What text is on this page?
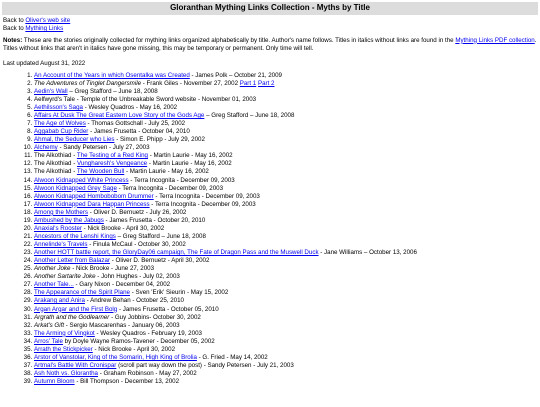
Gloranthan Mything Links Collection - Myths by Title
Back to Oliver's web site
Back to Mything Links
Notes: These are the stories originally collected for mything links organized alphabetically by title. Author's name follows. Titles in italics without links are found in the Mything Links PDF collection. Titles without links that aren't in italics have gone missing, this may be temporary or permanent. Only time will tell.
Last updated August 31, 2022
1. An Account of the Years in which Osentalka was Created - James Polk – October 21, 2009
2. The Adventures of Tinglet Dangersmile - Frank Giles - November 27, 2002 Part 1 Part 2
3. Aedin's Wall – Greg Stafford – June 18, 2008
4. Aelfwyrd's Tale - Temple of the Unbreakable Sword website - November 01, 2003
5. Aethilsson's Saga - Wesley Quadros - May 16, 2002
6. Affairs At Dusk The Great Eastern Love Story of the Gods Age – Greg Stafford – June 18, 2008
7. The Age of Wolves - Thomas Gottschall - July 25, 2002
8. Aggabab Cup Rider - James Frusetta - October 04, 2010
9. Ahmal, the Seducer who Lies - Simon E. Phipp - July 29, 2002
10. Alchemy - Sandy Petersen - July 27, 2003
11. The Alkothiad - The Testing of a Red King - Martin Laurie - May 16, 2002
12. The Alkothiad - Vungharesh's Vengeance - Martin Laurie - May 16, 2002
13. The Alkothiad - The Wooden Bull - Martin Laurie - May 16, 2002
14. Alwoon Kidnapped White Princess - Terra Incognita - December 09, 2003
15. Alwoon Kidnapped Grey Sage - Terra Incognita - December 09, 2003
16. Alwoon Kidnapped Hombobobom Drummer - Terra Incognita - December 09, 2003
17. Alwoon Kidnapped Dara Happan Princess - Terra Incognita - December 09, 2003
18. Among the Mothers - Oliver D. Bernuetz - July 26, 2002
19. Ambushed by the Jabugs - James Frusetta - October 20, 2010
20. Anaxial's Rooster - Nick Brooke - April 30, 2002
21. Ancestors of the Lenshi Kings – Greg Stafford – June 18, 2008
22. Annelinde's Travels - Finula McCaul - October 30, 2002
23. Another HOTT battle report, the GloryDay06 campaign, The Fate of Dragon Pass and the Muswell Duck - Jane Williams – October 13, 2006
24. Another Letter from Balazar - Oliver D. Bernuetz - April 30, 2002
25. Another Joke - Nick Brooke - June 27, 2003
26. Another Sartarite Joke - John Hughes - July 02, 2003
27. Another Tale... - Gary Nixon - December 04, 2002
28. The Appearance of the Spirit Plane - Sven 'Erik' Sieurin - May 15, 2002
29. Arakang and Anira - Andrew Behan - October 25, 2010
30. Argan Argar and the First Bolg - James Frusetta - October 05, 2010
31. Argrath and the Godlearner - Guy Jobbins- October 30, 2002
32. Arkat's Gift - Sergio Mascarenhas - January 06, 2003
33. The Arming of Vingkot - Wesley Quadros - February 19, 2003
34. Arros' Tale by Doyle Wayne Ramos-Tavener - December 05, 2002
35. Arrath the Stickpicker - Nick Brooke - April 30, 2002
36. Arstor of Vanstolar, King of the Somarin, High King of Brolia - G. Fried - May 14, 2002
37. Artmal's Battle With Cronispar (scroll part way down the post) - Sandy Petersen - July 21, 2003
38. Ash Noth vs. Glorantha - Graham Robinson - May 27, 2002
39. Autumn Bloom - Bill Thompson - December 13, 2002
